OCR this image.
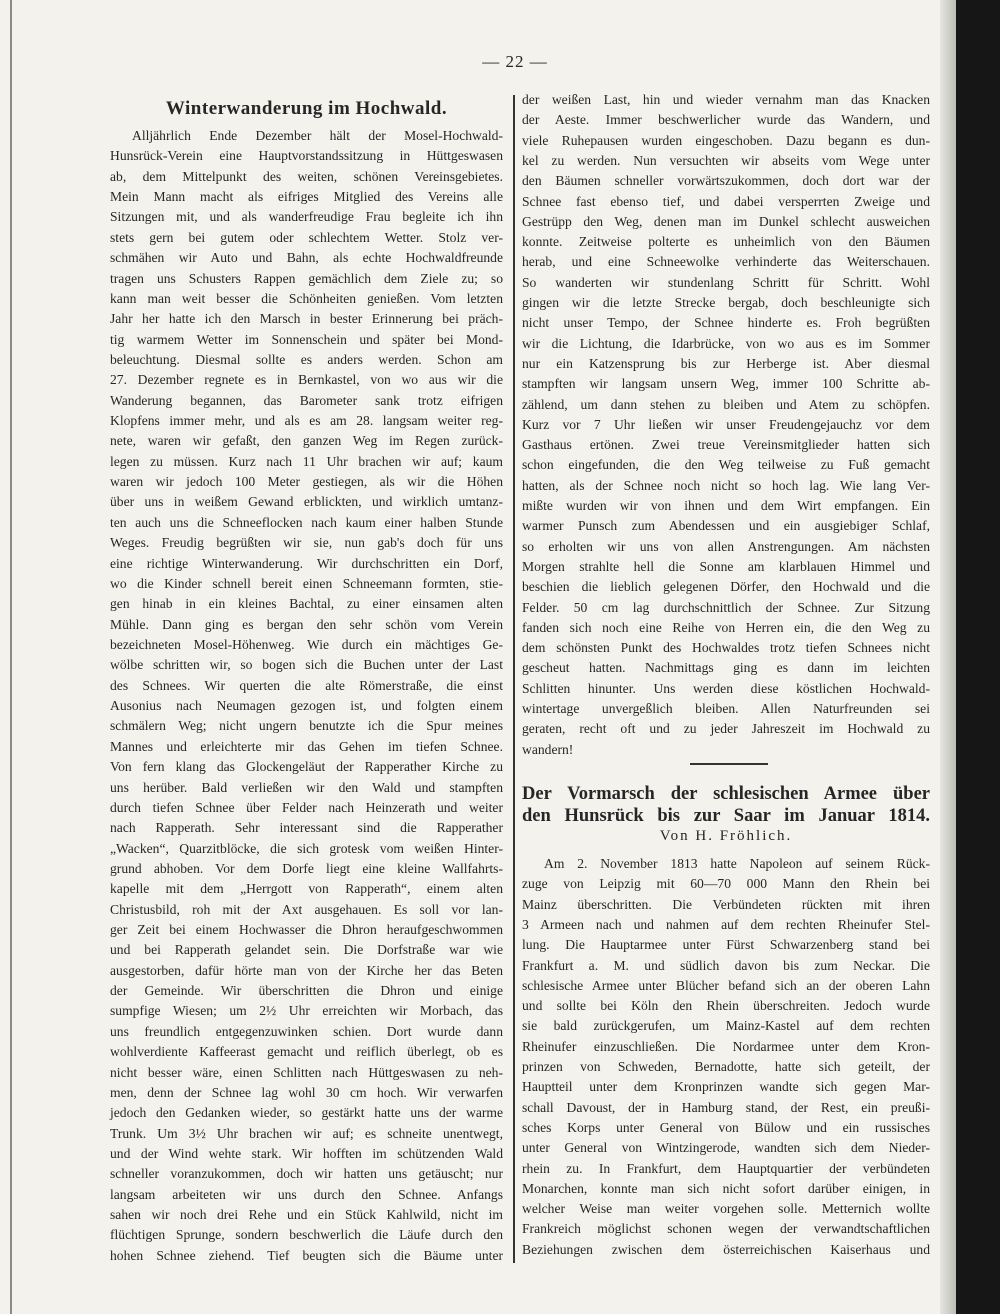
— 22 —
Winterwanderung im Hochwald.
Der Vormarsch der schlesischen Armee über
den Hunsrück bis zur Saar im Januar 1814.
Von H. Fröhlich.
Alljährlich Ende Dezember hält der Mosel-Hochwald-
Hunsrück-Verein eine Hauptvorstandssitzung in Hüttgeswasen
ab, dem Mittelpunkt des weiten, schönen Vereinsgebietes.
Mein Mann macht als eifriges Mitglied des Vereins alle
Sitzungen mit, und als wanderfreudige Frau begleite ich ihn
stets gern bei gutem oder schlechtem Wetter. Stolz ver-
schmähen wir Auto und Bahn, als echte Hochwaldfreunde
tragen uns Schusters Rappen gemächlich dem Ziele zu; so
kann man weit besser die Schönheiten genießen. Vom letzten
Jahr her hatte ich den Marsch in bester Erinnerung bei präch-
tig warmem Wetter im Sonnenschein und später bei Mond-
beleuchtung. Diesmal sollte es anders werden. Schon am
27. Dezember regnete es in Bernkastel, von wo aus wir die
Wanderung begannen, das Barometer sank trotz eifrigen
Klopfens immer mehr, und als es am 28. langsam weiter reg-
nete, waren wir gefaßt, den ganzen Weg im Regen zurück-
legen zu müssen. Kurz nach 11 Uhr brachen wir auf; kaum
waren wir jedoch 100 Meter gestiegen, als wir die Höhen
über uns in weißem Gewand erblickten, und wirklich umtanz-
ten auch uns die Schneeflocken nach kaum einer halben Stunde
Weges. Freudig begrüßten wir sie, nun gab's doch für uns
eine richtige Winterwanderung. Wir durchschritten ein Dorf,
wo die Kinder schnell bereit einen Schneemann formten, stie-
gen hinab in ein kleines Bachtal, zu einer einsamen alten
Mühle. Dann ging es bergan den sehr schön vom Verein
bezeichneten Mosel-Höhenweg. Wie durch ein mächtiges Ge-
wölbe schritten wir, so bogen sich die Buchen unter der Last
des Schnees. Wir querten die alte Römerstraße, die einst
Ausonius nach Neumagen gezogen ist, und folgten einem
schmälern Weg; nicht ungern benutzte ich die Spur meines
Mannes und erleichterte mir das Gehen im tiefen Schnee.
Von fern klang das Glockengeläut der Rapperather Kirche zu
uns herüber. Bald verließen wir den Wald und stampften
durch tiefen Schnee über Felder nach Heinzerath und weiter
nach Rapperath. Sehr interessant sind die Rapperather
„Wacken“, Quarzitblöcke, die sich grotesk vom weißen Hinter-
grund abhoben. Vor dem Dorfe liegt eine kleine Wallfahrts-
kapelle mit dem „Herrgott von Rapperath“, einem alten
Christusbild, roh mit der Axt ausgehauen. Es soll vor lan-
ger Zeit bei einem Hochwasser die Dhron heraufgeschwommen
und bei Rapperath gelandet sein. Die Dorfstraße war wie
ausgestorben, dafür hörte man von der Kirche her das Beten
der Gemeinde. Wir überschritten die Dhron und einige
sumpfige Wiesen; um 2½ Uhr erreichten wir Morbach, das
uns freundlich entgegenzuwinken schien. Dort wurde dann
wohlverdiente Kaffeerast gemacht und reiflich überlegt, ob es
nicht besser wäre, einen Schlitten nach Hüttgeswasen zu neh-
men, denn der Schnee lag wohl 30 cm hoch. Wir verwarfen
jedoch den Gedanken wieder, so gestärkt hatte uns der warme
Trunk. Um 3½ Uhr brachen wir auf; es schneite unentwegt,
und der Wind wehte stark. Wir hofften im schützenden Wald
schneller voranzukommen, doch wir hatten uns getäuscht; nur
langsam arbeiteten wir uns durch den Schnee. Anfangs
sahen wir noch drei Rehe und ein Stück Kahlwild, nicht im
flüchtigen Sprunge, sondern beschwerlich die Läufe durch den
hohen Schnee ziehend. Tief beugten sich die Bäume unter
der weißen Last, hin und wieder vernahm man das Knacken
der Aeste. Immer beschwerlicher wurde das Wandern, und
viele Ruhepausen wurden eingeschoben. Dazu begann es dun-
kel zu werden. Nun versuchten wir abseits vom Wege unter
den Bäumen schneller vorwärtszukommen, doch dort war der
Schnee fast ebenso tief, und dabei versperrten Zweige und
Gestrüpp den Weg, denen man im Dunkel schlecht ausweichen
konnte. Zeitweise polterte es unheimlich von den Bäumen
herab, und eine Schneewolke verhinderte das Weiterschauen.
So wanderten wir stundenlang Schritt für Schritt. Wohl
gingen wir die letzte Strecke bergab, doch beschleunigte sich
nicht unser Tempo, der Schnee hinderte es. Froh begrüßten
wir die Lichtung, die Idarbrücke, von wo aus es im Sommer
nur ein Katzensprung bis zur Herberge ist. Aber diesmal
stampften wir langsam unsern Weg, immer 100 Schritte ab-
zählend, um dann stehen zu bleiben und Atem zu schöpfen.
Kurz vor 7 Uhr ließen wir unser Freudengejauchz vor dem
Gasthaus ertönen. Zwei treue Vereinsmitglieder hatten sich
schon eingefunden, die den Weg teilweise zu Fuß gemacht
hatten, als der Schnee noch nicht so hoch lag. Wie lang Ver-
mißte wurden wir von ihnen und dem Wirt empfangen. Ein
warmer Punsch zum Abendessen und ein ausgiebiger Schlaf,
so erholten wir uns von allen Anstrengungen. Am nächsten
Morgen strahlte hell die Sonne am klarblauen Himmel und
beschien die lieblich gelegenen Dörfer, den Hochwald und die
Felder. 50 cm lag durchschnittlich der Schnee. Zur Sitzung
fanden sich noch eine Reihe von Herren ein, die den Weg zu
dem schönsten Punkt des Hochwaldes trotz tiefen Schnees nicht
gescheut hatten. Nachmittags ging es dann im leichten
Schlitten hinunter. Uns werden diese köstlichen Hochwald-
wintertage unvergeßlich bleiben. Allen Naturfreunden sei
geraten, recht oft und zu jeder Jahreszeit im Hochwald zu
wandern!
Am 2. November 1813 hatte Napoleon auf seinem Rück-
zuge von Leipzig mit 60—70 000 Mann den Rhein bei
Mainz überschritten. Die Verbündeten rückten mit ihren
3 Armeen nach und nahmen auf dem rechten Rheinufer Stel-
lung. Die Hauptarmee unter Fürst Schwarzenberg stand bei
Frankfurt a. M. und südlich davon bis zum Neckar. Die
schlesische Armee unter Blücher befand sich an der oberen Lahn
und sollte bei Köln den Rhein überschreiten. Jedoch wurde
sie bald zurückgerufen, um Mainz-Kastel auf dem rechten
Rheinufer einzuschließen. Die Nordarmee unter dem Kron-
prinzen von Schweden, Bernadotte, hatte sich geteilt, der
Hauptteil unter dem Kronprinzen wandte sich gegen Mar-
schall Davoust, der in Hamburg stand, der Rest, ein preußi-
sches Korps unter General von Bülow und ein russisches
unter General von Wintzingerode, wandten sich dem Nieder-
rhein zu. In Frankfurt, dem Hauptquartier der verbündeten
Monarchen, konnte man sich nicht sofort darüber einigen, in
welcher Weise man weiter vorgehen solle. Metternich wollte
Frankreich möglichst schonen wegen der verwandtschaftlichen
Beziehungen zwischen dem österreichischen Kaiserhaus und
